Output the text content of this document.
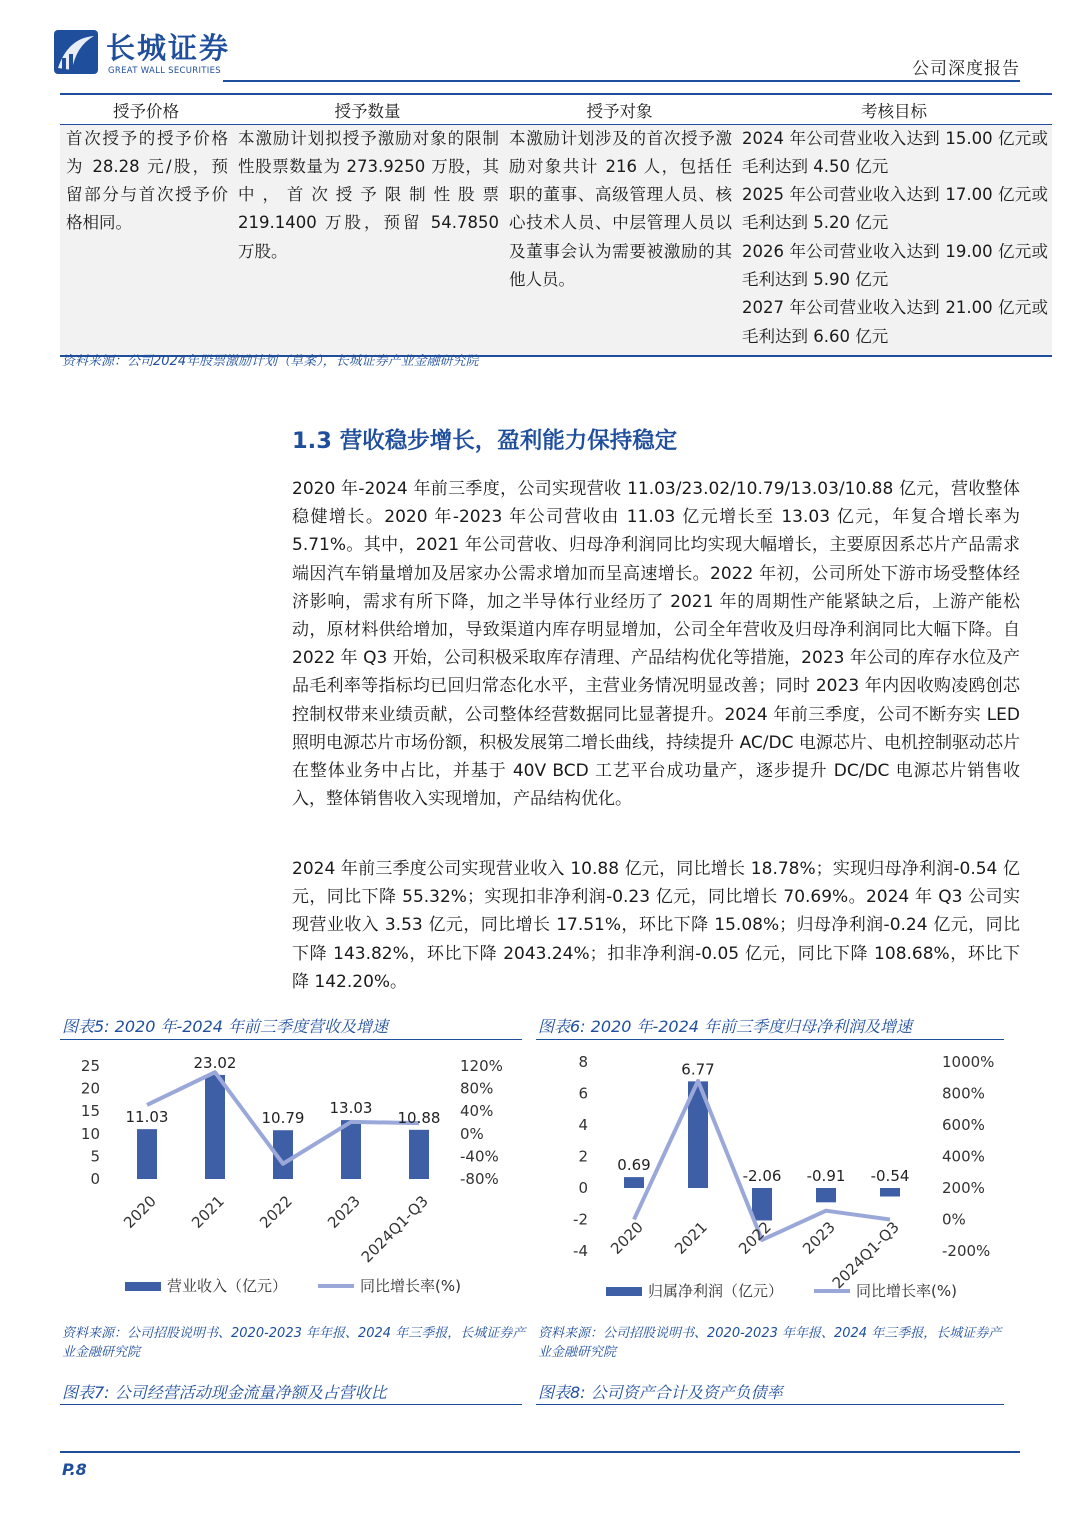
长城证券
GREAT WALL SECURITIES	公司深度报告
授予价格	授予数量	授予对象	考核目标
首次授予的授予价格为 28.28 元/股，预留部分与首次授予价格相同。	本激励计划拟授予激励对象的限制性股票数量为 273.9250 万股，其中，首次授予限制性股票 219.1400 万股，预留 54.7850 万股。	本激励计划涉及的首次授予激励对象共计 216 人，包括任职的董事、高级管理人员、核心技术人员、中层管理人员以及董事会认为需要被激励的其他人员。	2024 年公司营业收入达到 15.00 亿元或毛利达到 4.50 亿元
2025 年公司营业收入达到 17.00 亿元或毛利达到 5.20 亿元
2026 年公司营业收入达到 19.00 亿元或毛利达到 5.90 亿元
2027 年公司营业收入达到 21.00 亿元或毛利达到 6.60 亿元
资料来源：公司2024年股票激励计划（草案），长城证券产业金融研究院
1.3 营收稳步增长，盈利能力保持稳定

2020 年-2024 年前三季度，公司实现营收 11.03/23.02/10.79/13.03/10.88 亿元，营收整体稳健增长。2020 年-2023 年公司营收由 11.03 亿元增长至 13.03 亿元，年复合增长率为 5.71%。其中，2021 年公司营收、归母净利润同比均实现大幅增长，主要原因系芯片产品需求端因汽车销量增加及居家办公需求增加而呈高速增长。2022 年初，公司所处下游市场受整体经济影响，需求有所下降，加之半导体行业经历了 2021 年的周期性产能紧缺之后，上游产能松动，原材料供给增加，导致渠道内库存明显增加，公司全年营收及归母净利润同比大幅下降。自 2022 年 Q3 开始，公司积极采取库存清理、产品结构优化等措施，2023 年公司的库存水位及产品毛利率等指标均已回归常态化水平，主营业务情况明显改善；同时 2023 年内因收购凌鸥创芯控制权带来业绩贡献，公司整体经营数据同比显著提升。2024 年前三季度，公司不断夯实 LED 照明电源芯片市场份额，积极发展第二增长曲线，持续提升 AC/DC 电源芯片、电机控制驱动芯片在整体业务中占比，并基于 40V BCD 工艺平台成功量产，逐步提升 DC/DC 电源芯片销售收入，整体销售收入实现增加，产品结构优化。

2024 年前三季度公司实现营业收入 10.88 亿元，同比增长 18.78%；实现归母净利润-0.54 亿元，同比下降 55.32%；实现扣非净利润-0.23 亿元，同比增长 70.69%。2024 年 Q3 公司实现营业收入 3.53 亿元，同比增长 17.51%，环比下降 15.08%；归母净利润-0.24 亿元，同比下降 143.82%，环比下降 2043.24%；扣非净利润-0.05 亿元，同比下降 108.68%，环比下降 142.20%。

图表5: 2020 年-2024 年前三季度营收及增速	图表6: 2020 年-2024 年前三季度归母净利润及增速
25
20
15
10
5
0
120%
80%
40%
0%
-40%
-80%
11.03
23.02
10.79
13.03
10.88
2020 2021 2022 2023
2024Q1-Q3
营业收入（亿元）	同比增长率(%)
8
6
4
2
0
-2
-4
1000%
800%
600%
400%
200%
0%
-200%
0.69
6.77
-2.06 -0.91 -0.54
2020 2021 2022 2023
2024Q1-Q3
归属净利润（亿元）	同比增长率(%)
资料来源：公司招股说明书、2020-2023 年年报、2024 年三季报，长城证券产业金融研究院
资料来源：公司招股说明书、2020-2023 年年报、2024 年三季报，长城证券产业金融研究院
图表7: 公司经营活动现金流量净额及占营收比	图表8: 公司资产合计及资产负债率
P.8
